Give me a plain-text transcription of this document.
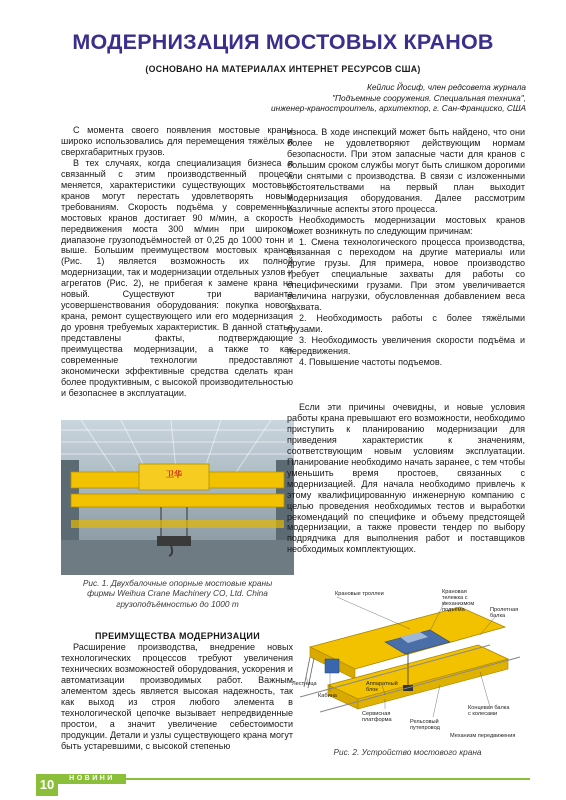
МОДЕРНИЗАЦИЯ МОСТОВЫХ КРАНОВ
(ОСНОВАНО НА МАТЕРИАЛАХ ИНТЕРНЕТ РЕСУРСОВ США)
Кейлис Йосиф, член редсовета журнала
"Подъемные сооружения. Специальная техника",
инженер-краностроитель, архитектор, г. Сан-Франциско, США

С момента своего появления мостовые краны широко использовались для перемещения тяжёлых и сверхгабаритных грузов.

В тех случаях, когда специализация бизнеса и связанный с этим производственный процесс меняется, характеристики существующих мостовых кранов могут перестать удовлетворять новым требованиям. Скорость подъёма у современных мостовых кранов достигает 90 м/мин, а скорость передвижения моста 300 м/мин при широком диапазоне грузоподъёмностей от 0,25 до 1000 тонн и выше. Большим преимуществом мостовых кранов (Рис. 1) является возможность их полной модернизации, так и модернизации отдельных узлов и агрегатов (Рис. 2), не прибегая к замене крана на новый. Существуют три варианта усовершенствования оборудования: покупка нового крана, ремонт существующего или его модернизация до уровня требуемых характеристик. В данной статье представлены факты, подтверждающие преимущества модернизации, а также то как современные технологии предоставляют экономически эффективные средства сделать кран более продуктивным, с высокой производительностью и безопаснее в эксплуатации.

卫华
Рис. 1. Двухбалочные опорные мостовые краны
фирмы Weihua Crane Machinery CO, Ltd. China
грузоподъёмностью до 1000 т
ПРЕИМУЩЕСТВА МОДЕРНИЗАЦИИ

Расширение производства, внедрение новых технологических процессов требуют увеличения технических возможностей оборудования, ускорения и автоматизации производимых работ. Важным элементом здесь является высокая надежность, так как выход из строя любого элемента в технологической цепочке вызывает непредвиденные простои, а значит увеличение себестоимости продукции. Детали и узлы существующего крана могут быть устаревшими, с высокой степенью

износа. В ходе инспекций может быть найдено, что они более не удовлетворяют действующим нормам безопасности. При этом запасные части для кранов с большим сроком службы могут быть слишком дорогими или снятыми с производства. В связи с изложенными обстоятельствами на первый план выходит модернизация оборудования. Далее рассмотрим различные аспекты этого процесса.

Необходимость модернизации мостовых кранов может возникнуть по следующим причинам:

1. Смена технологического процесса производства, связанная с переходом на другие материалы или другие грузы. Для примера, новое производство требует специальные захваты для работы со специфическими грузами. При этом увеличивается величина нагрузки, обусловленная добавлением веса захвата.

2. Необходимость работы с более тяжёлыми грузами.

3. Необходимость увеличения скорости подъёма и передвижения.

4. Повышение частоты подъемов.

Если эти причины очевидны, и новые условия работы крана превышают его возможности, необходимо приступить к планированию модернизации для приведения характеристик к значениям, соответствующим новым условиям эксплуатации. Планирование необходимо начать заранее, с тем чтобы уменьшить время простоев, связанных с модернизацией. Для начала необходимо привлечь к этому квалифицированную инженерную компанию с целью проведения необходимых тестов и выработки рекомендаций по специфике и объему предстоящей модернизации, а также провести тендер по выбору подрядчика для выполнения работ и поставщиков необходимых комплектующих.

Крановые троллеи	Крановая тележка с механизмом подъёма	Пролетная балка
Лестница
Кабина
Аппаратный блок
Сервисная платформа
Концевая балка с колесами
Рельсовый путепровод
Механизм передвижения
Рис. 2. Устройство мостового крана
10	НОВИНИ
